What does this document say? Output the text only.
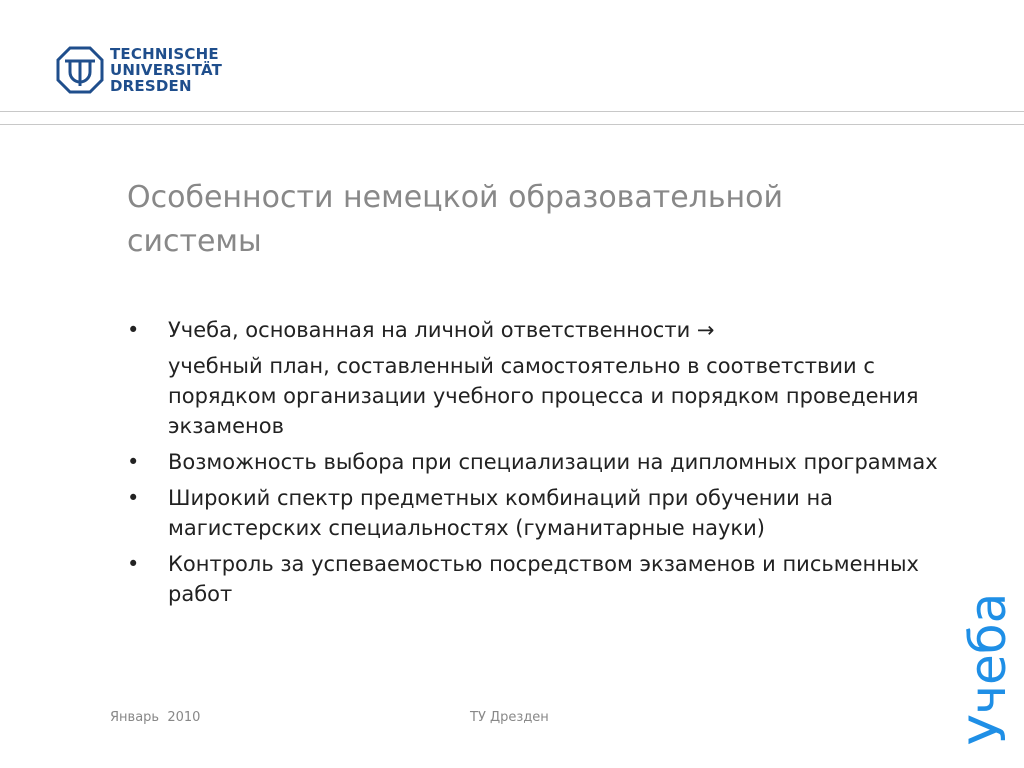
TECHNISCHE
UNIVERSITÄT
DRESDEN
Особенности немецкой образовательной системы
•	Учеба, основанная на личной ответственности →
учебный план, составленный самостоятельно в соответствии с порядком организации учебного процесса и порядком проведения экзаменов
•	Возможность выбора при специализации на дипломных программах
•	Широкий спектр предметных комбинаций при обучении на магистерских специальностях (гуманитарные науки)
•	Контроль за успеваемостью посредством экзаменов и письменных работ	Учеба
Январь  2010	ТУ Дрезден
